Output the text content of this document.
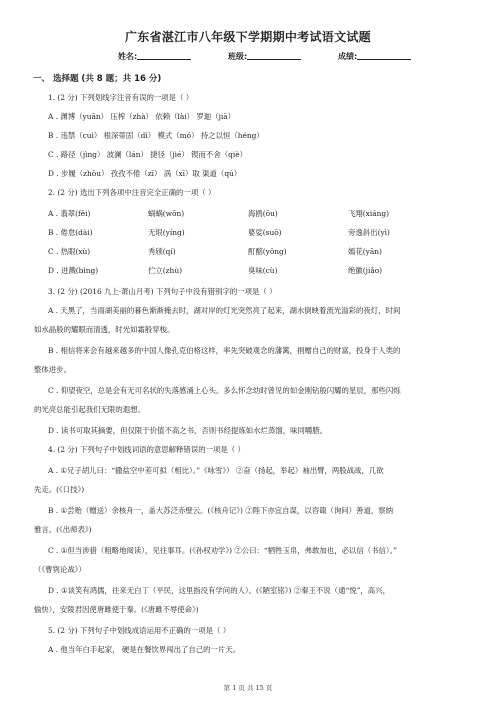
广东省湛江市八年级下学期期中考试语文试题
姓名:	班级:	成绩:
一、 选择题 (共 8 题；共 16 分)
1. (2 分) 下列划线字注音有误的一项是（ ）
A . 渊博（yuān） 压榨（zhà） 依赖（lài） 罗迦（jiā）
B . 违禁（cuì） 根深蒂固（dì） 模式（mó） 持之以恒（héng）
C . 路径（jìng） 波澜（lán） 捷径（jié） 锲而不舍（qiè）
D . 步履（zhōu） 孜孜不倦（zī） 涡（xī）取 渠道（qú）
2. (2 分) 选出下列各项中注音完全正确的一项（ ）
A . 翡翠(fěi)	蜗蜗(wōn)	海鸥(ōu)	飞翔(xiáng)
B . 倦怠(dài)	无垠(yíng)	婆娑(suō)	旁逸斜出(yì)
C . 热眼(xù)	秀颀(qí)	酊酩(yǒng)	嫣花(yān)
D . 迸溅(bìng)	伫立(zhù)	臭味(cù)	绝徽(jiǎo)
3. (2 分) (2016 九上·萧山月考) 下列句子中没有错别字的一项是（ ）
A . 天黑了，当雨湖美丽的暮色渐渐掩去时，湖对岸的灯光突然亮了起来，湖水倒映着流光溢彩的夜灯，时间
如水晶般的耀眼而清透，时光如霜般穿梭。
B . 相信将来会有越来越多的中国人像孔克伯格这样，率先突破观念的藩篱，捐赠自己的财富，投身于人类的
整体进步。
C . 仰望夜空，总是会有无可名状的失落感涌上心头。多么怀念幼时曾见的如金刚钻般闪耀的星辰，那些闪烁
的光亮总能引起我们无限的遐想。
D . 读书可取其摘要，但仅限于价值不高之书，否则书经提炼如水烂蒸馏，味同嚼腊。
4. (2 分) 下列句子中划线词语的意思解释错误的一项是（ ）
A . ①兄子胡儿曰：“撒盐空中差可拟（相比）。”《咏雪》） ②奋（扬起，举起）袖出臂，两股战战，几欲
先走。(《口技》)
B . ①尝贻（赠送）余核舟一，盖大苏泛赤壁云。(《核舟记》) ②陛下亦宜自谋，以咨诹（询问）善道，察纳
雅言。(《出师表》)
C . ①但当涉猎（粗略地阅读），见往事耳。(《孙权劝学》) ②公曰：“牺牲玉帛，弗敢加也，必以信（书信）。”
（《曹刿论战》）
D . ①谈笑有鸿儒，往来无白丁（平民，这里指没有学问的人）。(《陋室铭》) ②秦王不说（通“悦”，高兴，
愉快），安陵君因使唐雎使于秦。(《唐雎不辱使命》)
5. (2 分) 下列句子中划线成语运用不正确的一项是（ ）
A . 他当年白手起家， 硬是在餐饮界闯出了自己的一片天。
第 1 页 共 15 页
